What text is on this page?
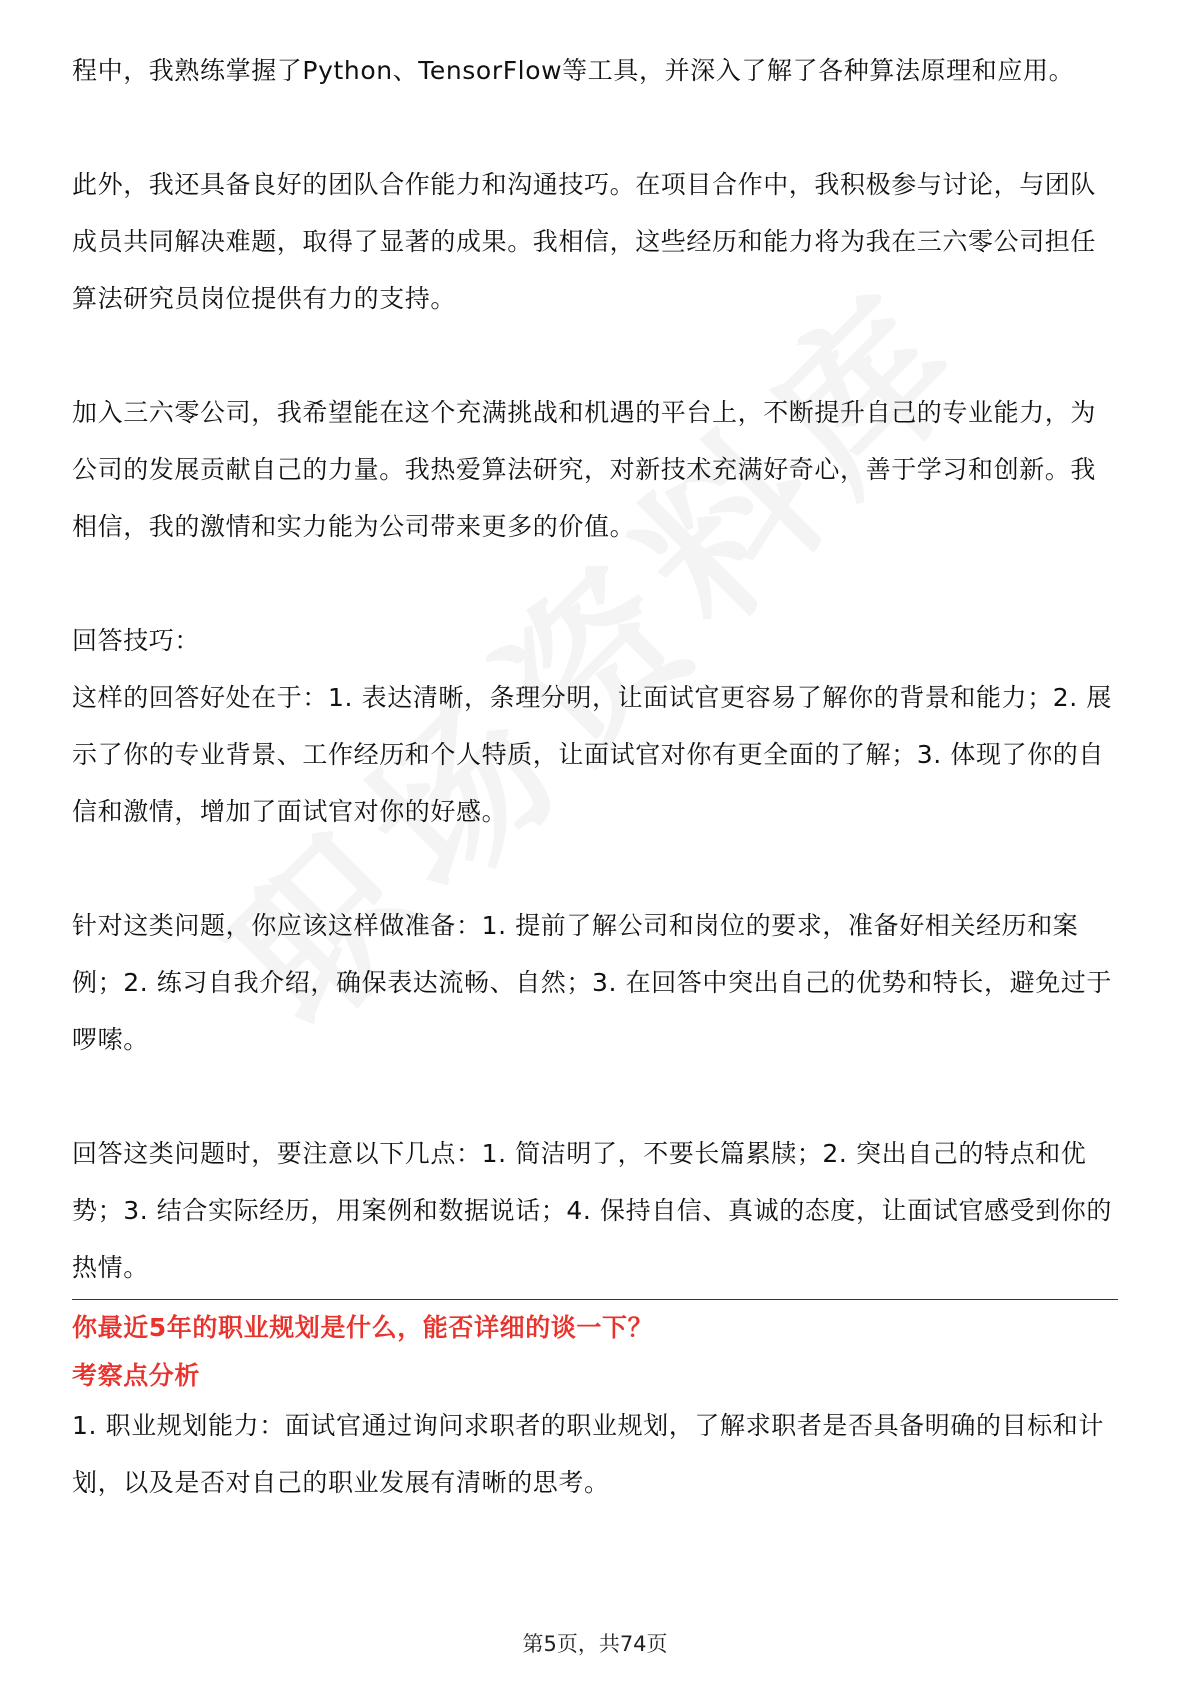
程中，我熟练掌握了Python、TensorFlow等工具，并深入了解了各种算法原理和应用。

此外，我还具备良好的团队合作能力和沟通技巧。在项目合作中，我积极参与讨论，与团队成员共同解决难题，取得了显著的成果。我相信，这些经历和能力将为我在三六零公司担任算法研究员岗位提供有力的支持。

加入三六零公司，我希望能在这个充满挑战和机遇的平台上，不断提升自己的专业能力，为公司的发展贡献自己的力量。我热爱算法研究，对新技术充满好奇心，善于学习和创新。我相信，我的激情和实力能为公司带来更多的价值。

回答技巧：

这样的回答好处在于：1. 表达清晰，条理分明，让面试官更容易了解你的背景和能力；2. 展示了你的专业背景、工作经历和个人特质，让面试官对你有更全面的了解；3. 体现了你的自信和激情，增加了面试官对你的好感。

针对这类问题，你应该这样做准备：1. 提前了解公司和岗位的要求，准备好相关经历和案例；2. 练习自我介绍，确保表达流畅、自然；3. 在回答中突出自己的优势和特长，避免过于啰嗦。

回答这类问题时，要注意以下几点：1. 简洁明了，不要长篇累牍；2. 突出自己的特点和优势；3. 结合实际经历，用案例和数据说话；4. 保持自信、真诚的态度，让面试官感受到你的热情。

你最近5年的职业规划是什么，能否详细的谈一下？

考察点分析

1. 职业规划能力：面试官通过询问求职者的职业规划，了解求职者是否具备明确的目标和计划，以及是否对自己的职业发展有清晰的思考。

第5页，共74页
